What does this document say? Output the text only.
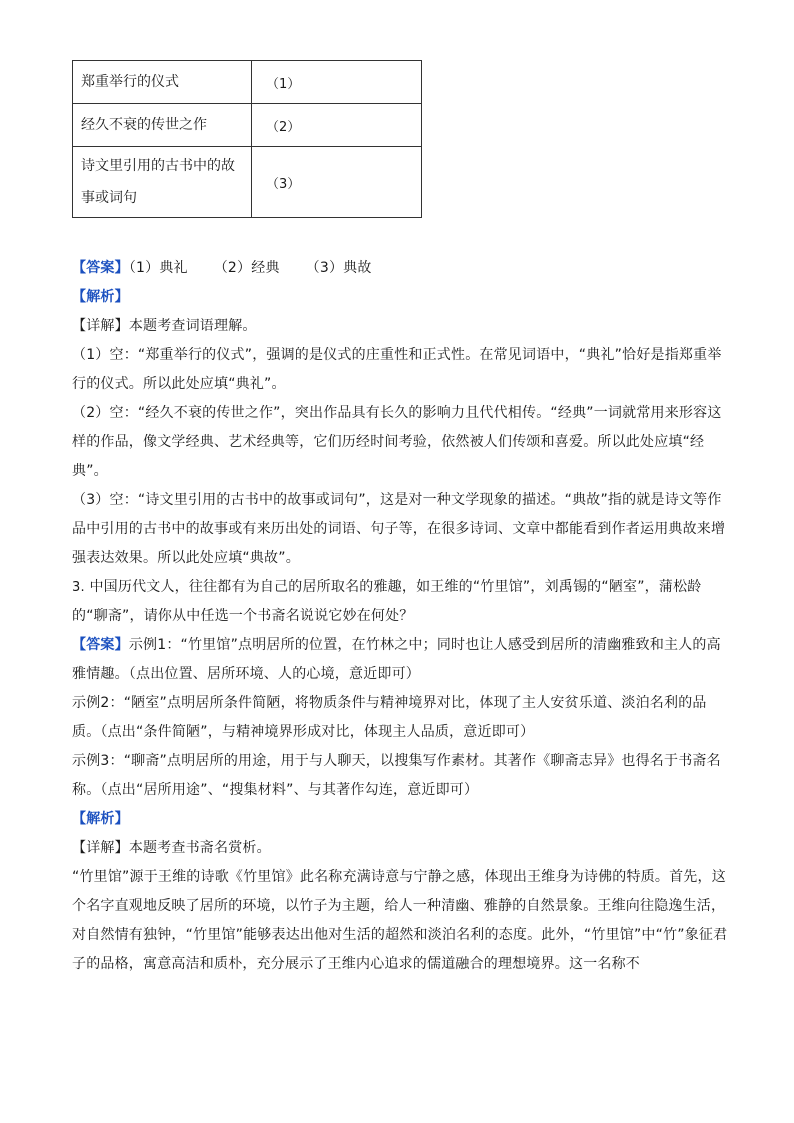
郑重举行的仪式	（1）
经久不衰的传世之作	（2）
诗文里引用的古书中的故事或词句	（3）

【答案】（1）典礼 （2）经典 （3）典故

【解析】

【详解】本题考查词语理解。

（1）空：“郑重举行的仪式”，强调的是仪式的庄重性和正式性。在常见词语中，“典礼”恰好是指郑重举行的仪式。所以此处应填“典礼”。

（2）空：“经久不衰的传世之作”，突出作品具有长久的影响力且代代相传。“经典”一词就常用来形容这样的作品，像文学经典、艺术经典等，它们历经时间考验，依然被人们传颂和喜爱。所以此处应填“经典”。

（3）空：“诗文里引用的古书中的故事或词句”，这是对一种文学现象的描述。“典故”指的就是诗文等作品中引用的古书中的故事或有来历出处的词语、句子等，在很多诗词、文章中都能看到作者运用典故来增强表达效果。所以此处应填“典故”。

3. 中国历代文人，往往都有为自己的居所取名的雅趣，如王维的“竹里馆”，刘禹锡的“陋室”，蒲松龄的“聊斋”，请你从中任选一个书斋名说说它妙在何处？

【答案】示例1：“竹里馆”点明居所的位置，在竹林之中；同时也让人感受到居所的清幽雅致和主人的高雅情趣。（点出位置、居所环境、人的心境，意近即可）

示例2：“陋室”点明居所条件简陋，将物质条件与精神境界对比，体现了主人安贫乐道、淡泊名利的品质。（点出“条件简陋”，与精神境界形成对比，体现主人品质，意近即可）

示例3：“聊斋”点明居所的用途，用于与人聊天，以搜集写作素材。其著作《聊斋志异》也得名于书斋名称。（点出“居所用途”、“搜集材料”、与其著作勾连，意近即可）

【解析】

【详解】本题考查书斋名赏析。

“竹里馆”源于王维的诗歌《竹里馆》此名称充满诗意与宁静之感，体现出王维身为诗佛的特质。首先，这个名字直观地反映了居所的环境，以竹子为主题，给人一种清幽、雅静的自然景象。王维向往隐逸生活，对自然情有独钟，“竹里馆”能够表达出他对生活的超然和淡泊名利的态度。此外，“竹里馆”中“竹”象征君子的品格，寓意高洁和质朴，充分展示了王维内心追求的儒道融合的理想境界。这一名称不
